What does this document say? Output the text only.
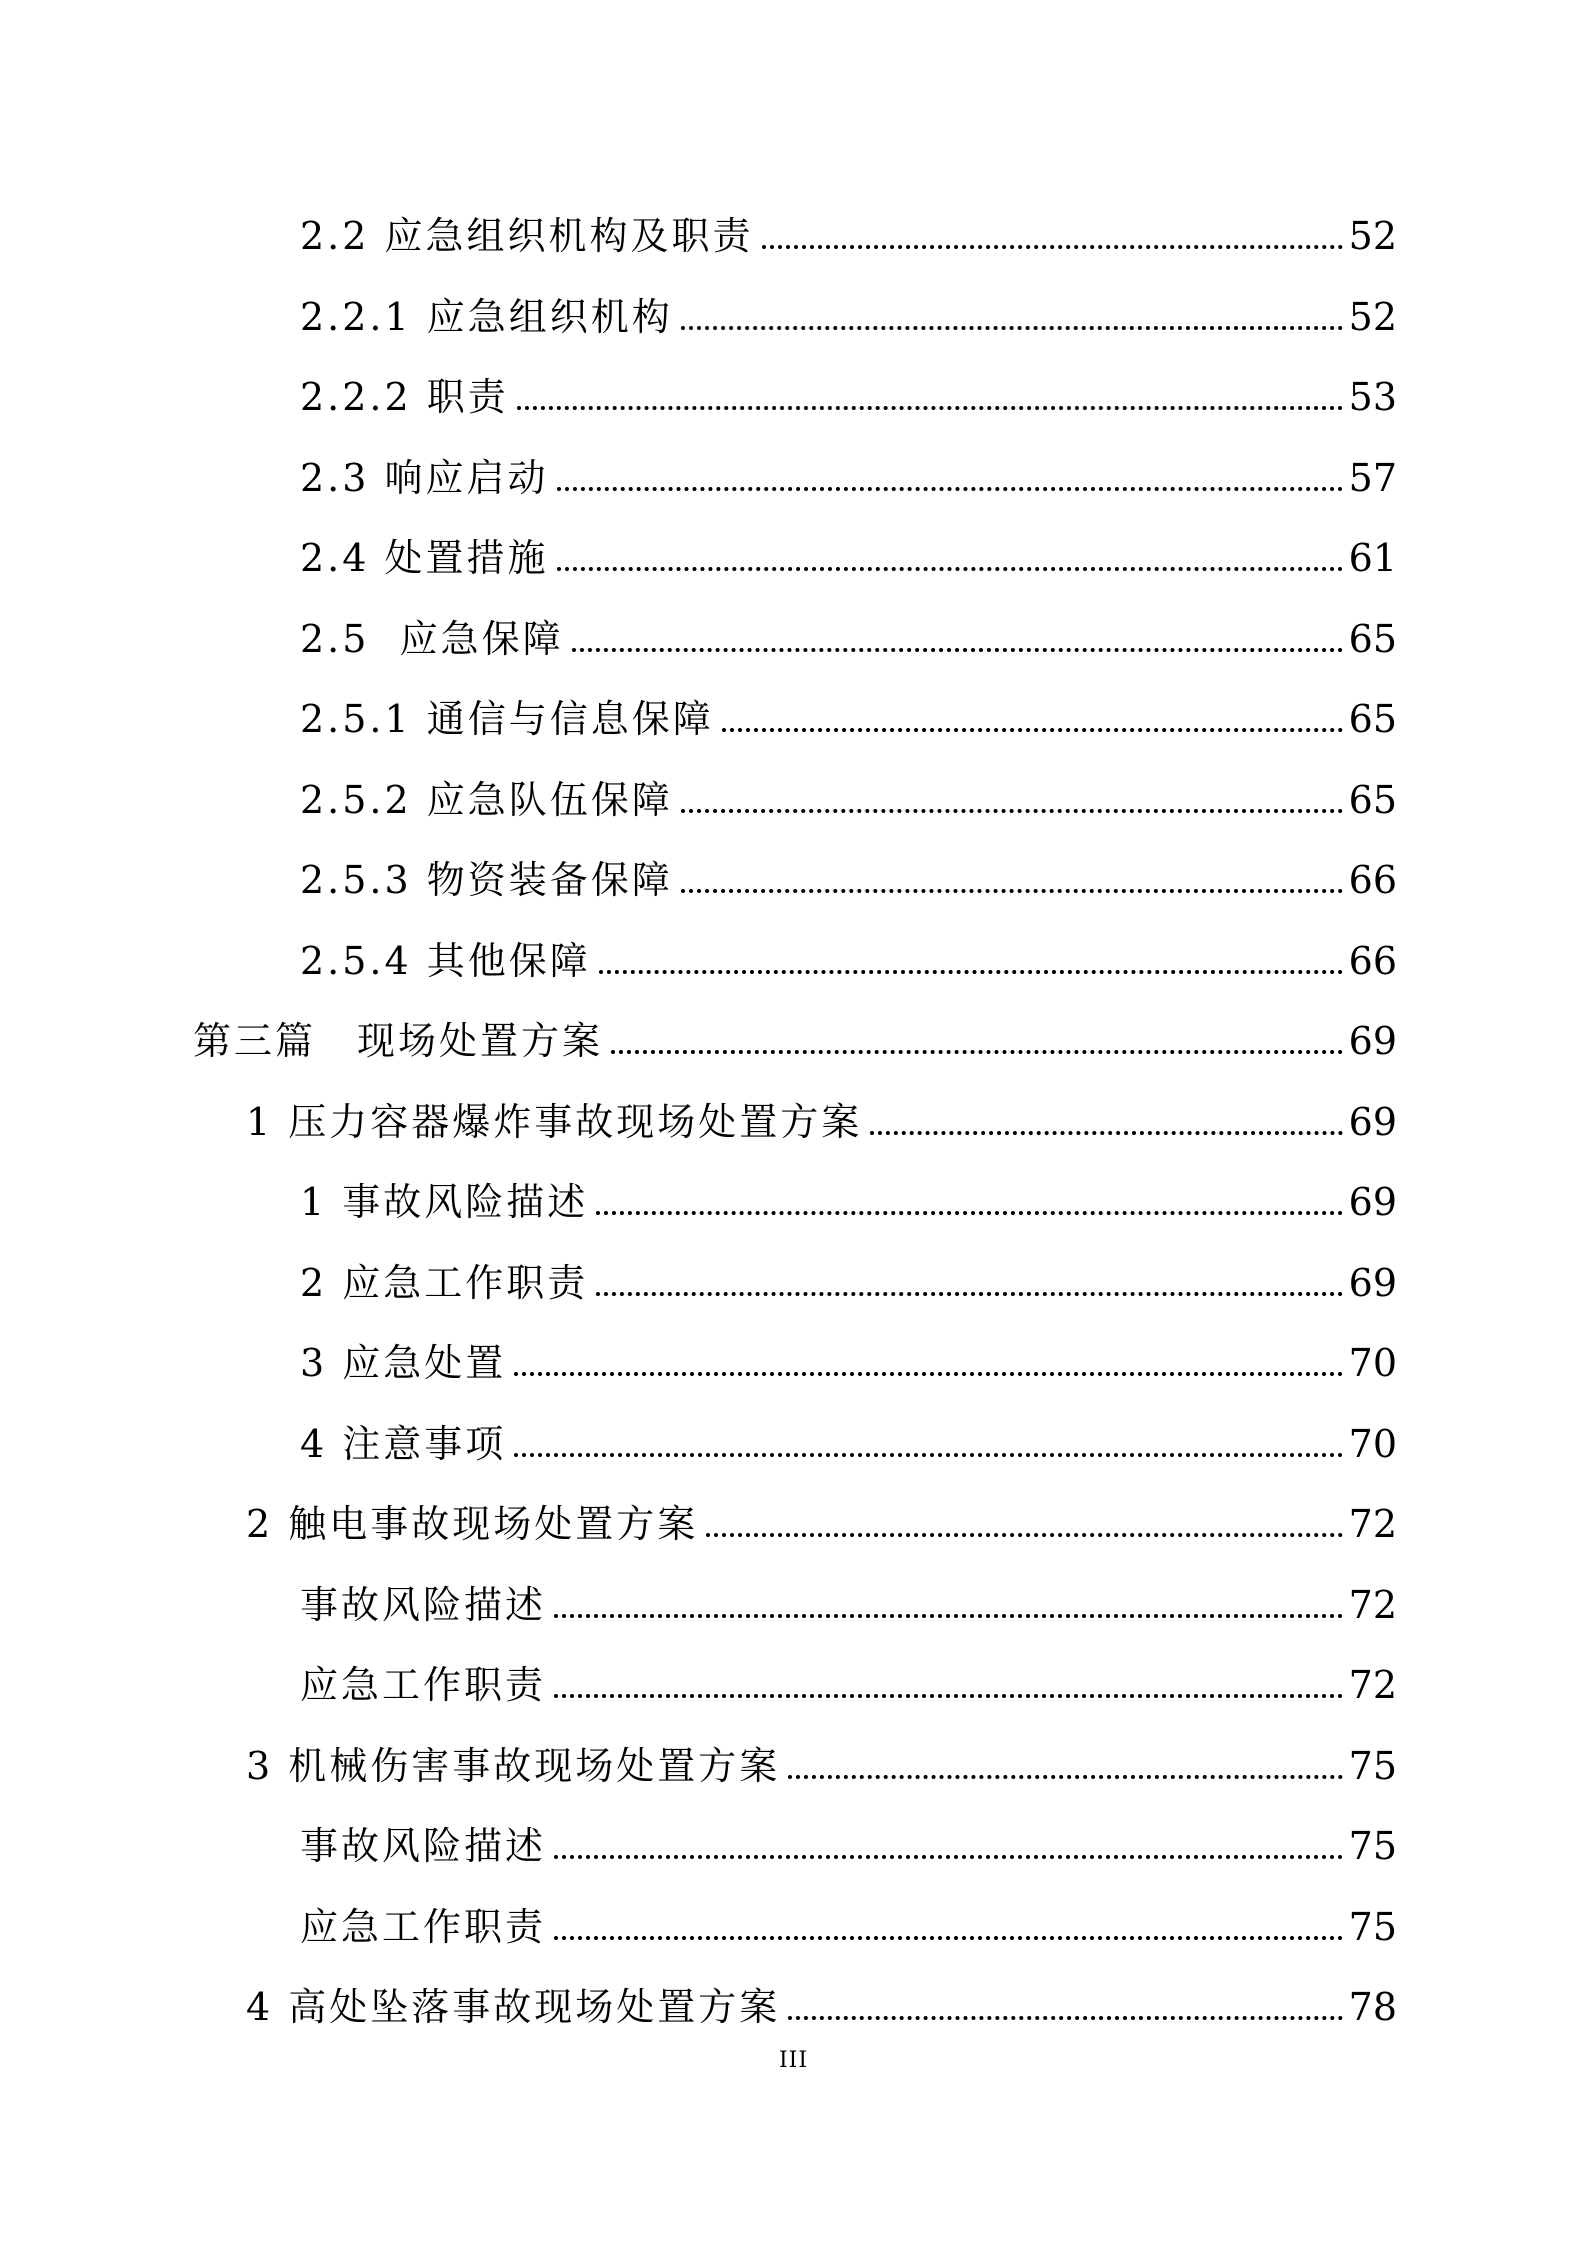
2.2 应急组织机构及职责	52
2.2.1 应急组织机构	52
2.2.2 职责	53
2.3 响应启动	57
2.4 处置措施	61
2.5  应急保障	65
2.5.1 通信与信息保障	65
2.5.2 应急队伍保障	65
2.5.3 物资装备保障	66
2.5.4 其他保障	66
第三篇　现场处置方案	69
1 压力容器爆炸事故现场处置方案	69
1 事故风险描述	69
2 应急工作职责	69
3 应急处置	70
4 注意事项	70
2 触电事故现场处置方案	72
事故风险描述	72
应急工作职责	72
3 机械伤害事故现场处置方案	75
事故风险描述	75
应急工作职责	75
4 高处坠落事故现场处置方案	78
III
